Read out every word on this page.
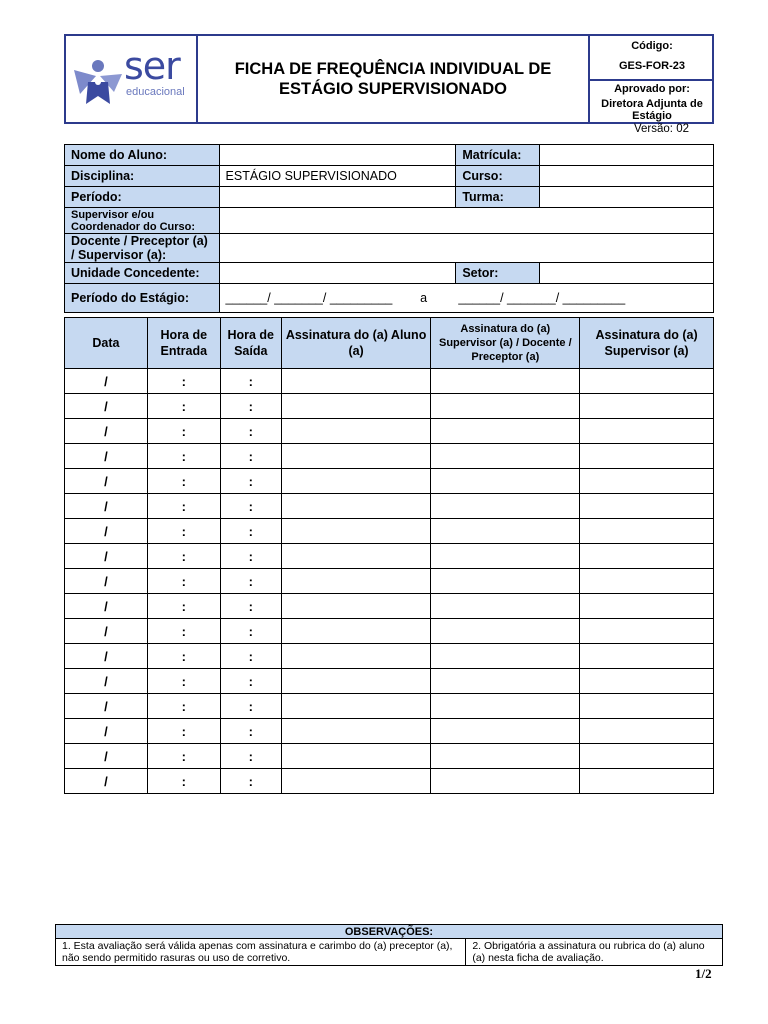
ser
educacional
FICHA DE FREQUÊNCIA INDIVIDUAL DE ESTÁGIO SUPERVISIONADO
Código:
GES-FOR-23
Aprovado por:
Diretora Adjunta de Estágio
Versão: 02
Nome do Aluno:		Matrícula:	
Disciplina:	ESTÁGIO SUPERVISIONADO	Curso:	
Período:		Turma:	
Supervisor e/ou Coordenador do Curso:			
Docente / Preceptor (a) / Supervisor (a):			
Unidade Concedente:		Setor:	
Período do Estágio:	______/ _______/ _________        a         ______/ _______/ _________		
Data	Hora de Entrada	Hora de Saída	Assinatura do (a) Aluno (a)	Assinatura do (a) Supervisor (a) / Docente / Preceptor (a)	Assinatura do (a) Supervisor (a)
/	:	:			
/	:	:			
/	:	:			
/	:	:			
/	:	:			
/	:	:			
/	:	:			
/	:	:			
/	:	:			
/	:	:			
/	:	:			
/	:	:			
/	:	:			
/	:	:			
/	:	:			
/	:	:			
/	:	:			
OBSERVAÇÕES:
1. Esta avaliação será válida apenas com assinatura e carimbo do (a) preceptor (a), não sendo permitido rasuras ou uso de corretivo.	2. Obrigatória a assinatura ou rubrica do (a) aluno (a) nesta ficha de avaliação.
1/2
